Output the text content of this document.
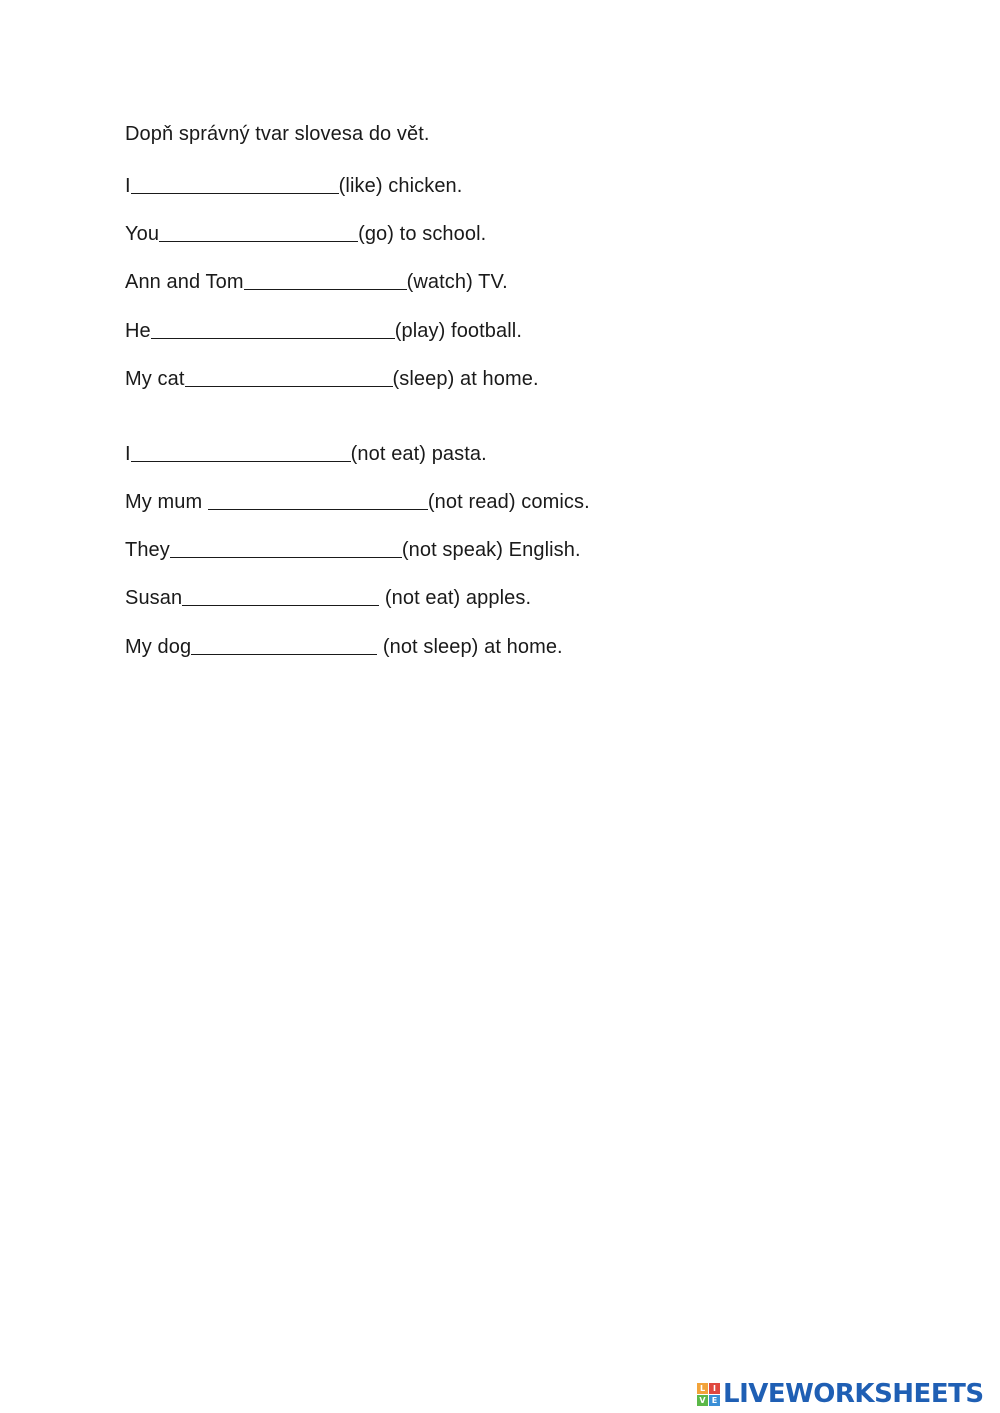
Dopň správný tvar slovesa do vět.
I	(like) chicken.
You	(go) to school.
Ann and Tom	(watch) TV.
He	(play) football.
My cat	(sleep) at home.
I	(not eat) pasta.
My mum	(not read) comics.
They	(not speak) English.
Susan	(not eat) apples.
My dog	(not sleep) at home.
L I
V E LIVEWORKSHEETS
